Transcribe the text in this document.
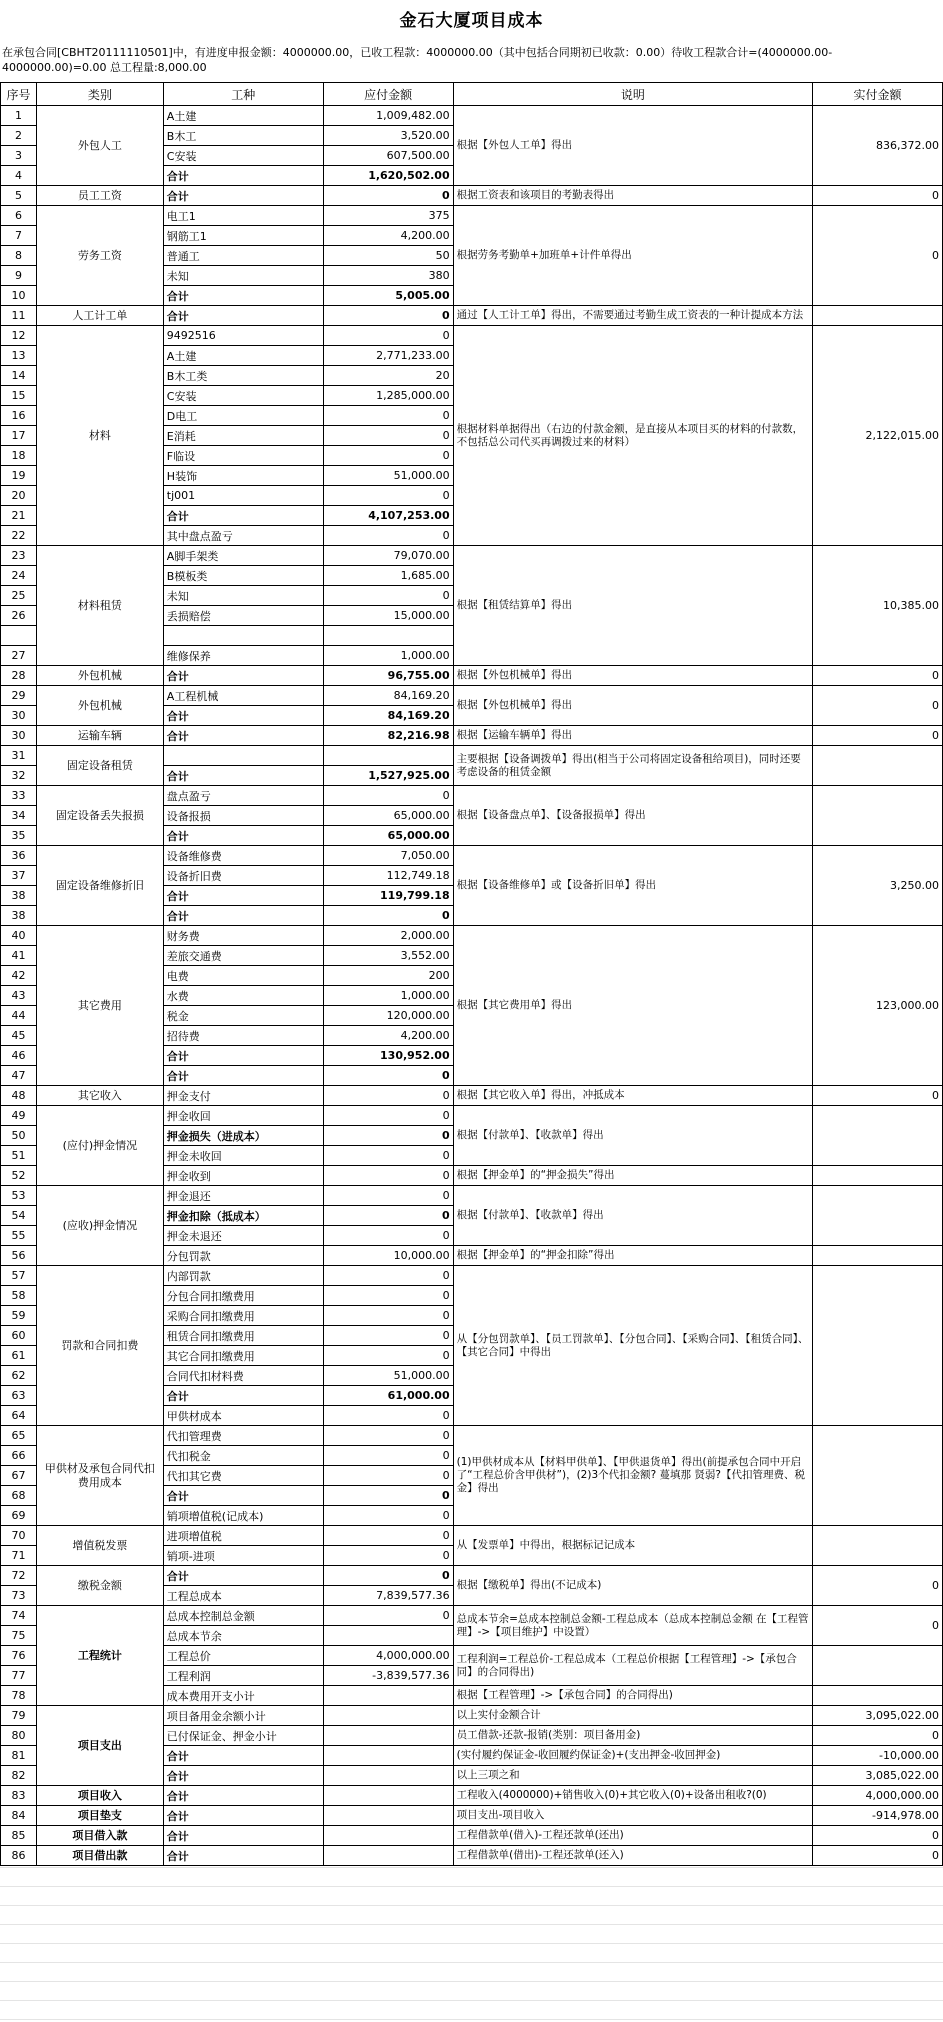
金石大厦项目成本
在承包合同[CBHT20111110501]中，有进度申报金额：4000000.00，已收工程款：4000000.00（其中包括合同期初已收款：0.00）待收工程款合计=(4000000.00-4000000.00)=0.00 总工程量:8,000.00
序号	类别	工种	应付金额	说明	实付金额
1	外包人工	A土建	1,009,482.00	根据【外包人工单】得出	836,372.00
2		B木工	3,520.00		
3		C安装	607,500.00		
4		合计	1,620,502.00		
5	员工工资	合计	0	根据工资表和该项目的考勤表得出	0
6	劳务工资	电工1	375	根据劳务考勤单+加班单+计件单得出	0
7		钢筋工1	4,200.00		
8		普通工	50		
9		未知	380		
10		合计	5,005.00		
11	人工计工单	合计	0	通过【人工计工单】得出，不需要通过考勤生成工资表的一种计提成本方法	
12	材料	9492516	0	根据材料单据得出（右边的付款金额，是直接从本项目买的材料的付款数，不包括总公司代买再调拨过来的材料）	2,122,015.00
13		A土建	2,771,233.00		
14		B木工类	20		
15		C安装	1,285,000.00		
16		D电工	0		
17		E消耗	0		
18		F临设	0		
19		H装饰	51,000.00		
20		tj001	0		
21		合计	4,107,253.00		
22		其中盘点盈亏	0		
23	材料租赁	A脚手架类	79,070.00	根据【租赁结算单】得出	10,385.00
24		B模板类	1,685.00		
25		未知	0		
26		丢损赔偿	15,000.00		

27		维修保养	1,000.00		
28	外包机械	合计	96,755.00	根据【外包机械单】得出	0
29	外包机械	A工程机械	84,169.20	根据【外包机械单】得出	0
30		合计	84,169.20		
30	运输车辆	合计	82,216.98	根据【运输车辆单】得出	0
31	固定设备租赁			主要根据【设备调拨单】得出(相当于公司将固定设备租给项目)，同时还要考虑设备的租赁金额	
32		合计	1,527,925.00		
33	固定设备丢失报损	盘点盈亏	0	根据【设备盘点单】、【设备报损单】得出	
34		设备报损	65,000.00		
35		合计	65,000.00		
36	固定设备维修折旧	设备维修费	7,050.00	根据【设备维修单】或【设备折旧单】得出	3,250.00
37		设备折旧费	112,749.18		
38		合计	119,799.18		
38		合计	0		
40	其它费用	财务费	2,000.00	根据【其它费用单】得出	123,000.00
41		差旅交通费	3,552.00		
42		电费	200		
43		水费	1,000.00		
44		税金	120,000.00		
45		招待费	4,200.00		
46		合计	130,952.00		
47		合计	0		
48	其它收入	押金支付	0	根据【其它收入单】得出，冲抵成本	0
49	(应付)押金情况	押金收回	0	根据【付款单】、【收款单】得出	
50		押金损失（进成本）	0		
51		押金未收回	0		
52		押金收到	0	根据【押金单】的“押金损失”得出	
53	(应收)押金情况	押金退还	0	根据【付款单】、【收款单】得出	
54		押金扣除（抵成本）	0		
55		押金未退还	0		
56		分包罚款	10,000.00	根据【押金单】的“押金扣除”得出	
57	罚款和合同扣费	内部罚款	0	从【分包罚款单】、【员工罚款单】、【分包合同】、【采购合同】、【租赁合同】、【其它合同】中得出	
58		分包合同扣缴费用	0		
59		采购合同扣缴费用	0		
60		租赁合同扣缴费用	0		
61		其它合同扣缴费用	0		
62		合同代扣材料费	51,000.00		
63		合计	61,000.00		
64		甲供材成本	0		
65	甲供材及承包合同代扣费用成本	代扣管理费	0	(1)甲供材成本从【材料甲供单】、【甲供退货单】得出(前提承包合同中开启了“工程总价含甲供材”)，(2)3个代扣金额? 蔓填那 贤弱?【代扣管理费、税金】得出	
66		代扣税金	0		
67		代扣其它费	0		
68		合计	0		
69		销项增值税(记成本)	0		
70	增值税发票	进项增值税	0	从【发票单】中得出，根据标记记成本	
71		销项-进项	0		
72	缴税金额	合计	0	根据【缴税单】得出(不记成本)	0
73		工程总成本	7,839,577.36		
74	工程统计	总成本控制总金额	0	总成本节余=总成本控制总金额-工程总成本（总成本控制总金额 在【工程管理】->【项目维护】中设置）	0
75		总成本节余			
76		工程总价	4,000,000.00	工程利润=工程总价-工程总成本（工程总价根据【工程管理】->【承包合同】的合同得出)	
77		工程利润	-3,839,577.36		
78		成本费用开支小计		根据【工程管理】->【承包合同】的合同得出)	
79	项目支出	项目备用金余额小计		以上实付金额合计	3,095,022.00
80		已付保证金、押金小计		员工借款-还款-报销(类别：项目备用金)	0
81		合计		(实付履约保证金-收回履约保证金)+(支出押金-收回押金)	-10,000.00
82		合计		以上三项之和	3,085,022.00
83	项目收入	合计		工程收入(4000000)+销售收入(0)+其它收入(0)+设备出租收?(0)	4,000,000.00
84	项目垫支	合计		项目支出-项目收入	-914,978.00
85	项目借入款	合计		工程借款单(借入)-工程还款单(还出)	0
86	项目借出款	合计		工程借款单(借出)-工程还款单(还入)	0
